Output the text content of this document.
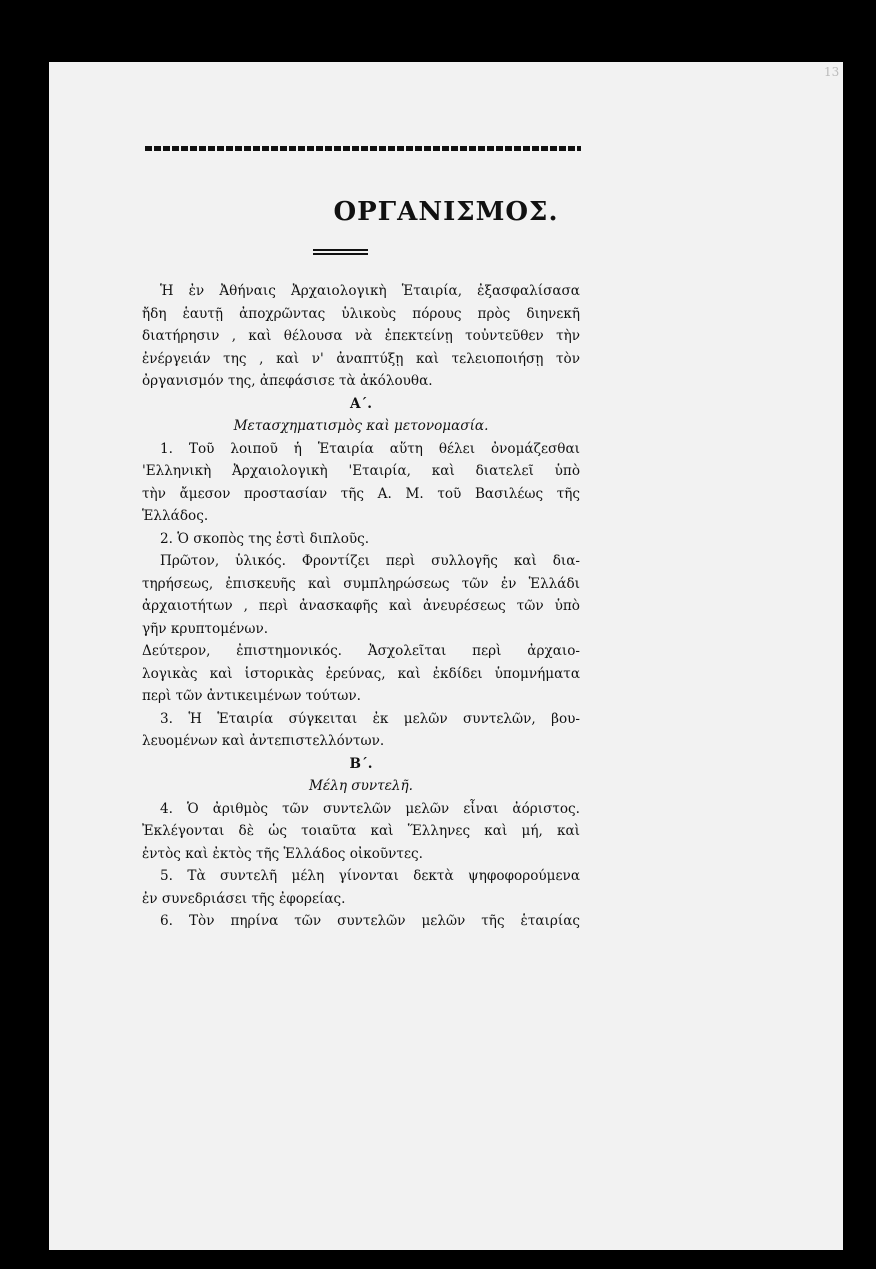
13
ΟΡΓΑΝΙΣΜΟΣ.
Ἡ ἐν Ἀθήναις Ἀρχαιολογικὴ Ἑταιρία, ἐξασφαλίσασα
ἤδη ἑαυτῇ ἀποχρῶντας ὑλικοὺς πόρους πρὸς διηνεκῆ
διατήρησιν , καὶ θέλουσα νὰ ἐπεκτείνῃ τοὐντεῦθεν τὴν
ἐνέργειάν της , καὶ ν' ἀναπτύξῃ καὶ τελειοποιήσῃ τὸν
ὀργανισμόν της, ἀπεφάσισε τὰ ἀκόλουθα.
Α΄.
Μετασχηματισμὸς καὶ μετονομασία.
1. Τοῦ λοιποῦ ἡ Ἑταιρία αὕτη θέλει ὀνομάζεσθαι
'Ελληνικὴ Ἀρχαιολογικὴ 'Εταιρία, καὶ διατελεῖ ὑπὸ
τὴν ἄμεσον προστασίαν τῆς Α. Μ. τοῦ Βασιλέως τῆς
Ἑλλάδος.
2. Ὁ σκοπὸς της ἐστὶ διπλοῦς.
Πρῶτον, ὑλικός. Φροντίζει περὶ συλλογῆς καὶ δια-
τηρήσεως, ἐπισκευῆς καὶ συμπληρώσεως τῶν ἐν Ἑλλάδι
ἀρχαιοτήτων , περὶ ἀνασκαφῆς καὶ ἀνευρέσεως τῶν ὑπὸ
γῆν κρυπτομένων.
Δεύτερον, ἐπιστημονικός. Ἀσχολεῖται περὶ ἀρχαιο-
λογικὰς καὶ ἱστορικὰς ἐρεύνας, καὶ ἐκδίδει ὑπομνήματα
περὶ τῶν ἀντικειμένων τούτων.
3. Ἡ Ἑταιρία σύγκειται ἐκ μελῶν συντελῶν, βου-
λευομένων καὶ ἀντεπιστελλόντων.
Β΄.
Μέλη συντελῆ.
4. Ὁ ἀριθμὸς τῶν συντελῶν μελῶν εἶναι ἀόριστος.
Ἐκλέγονται δὲ ὡς τοιαῦτα καὶ Ἕλληνες καὶ μή, καὶ
ἐντὸς καὶ ἐκτὸς τῆς Ἑλλάδος οἰκοῦντες.
5. Τὰ συντελῆ μέλη γίνονται δεκτὰ ψηφοφορούμενα
ἐν συνεδριάσει τῆς ἐφορείας.
6. Τὸν πηρίνα τῶν συντελῶν μελῶν τῆς ἑταιρίας
